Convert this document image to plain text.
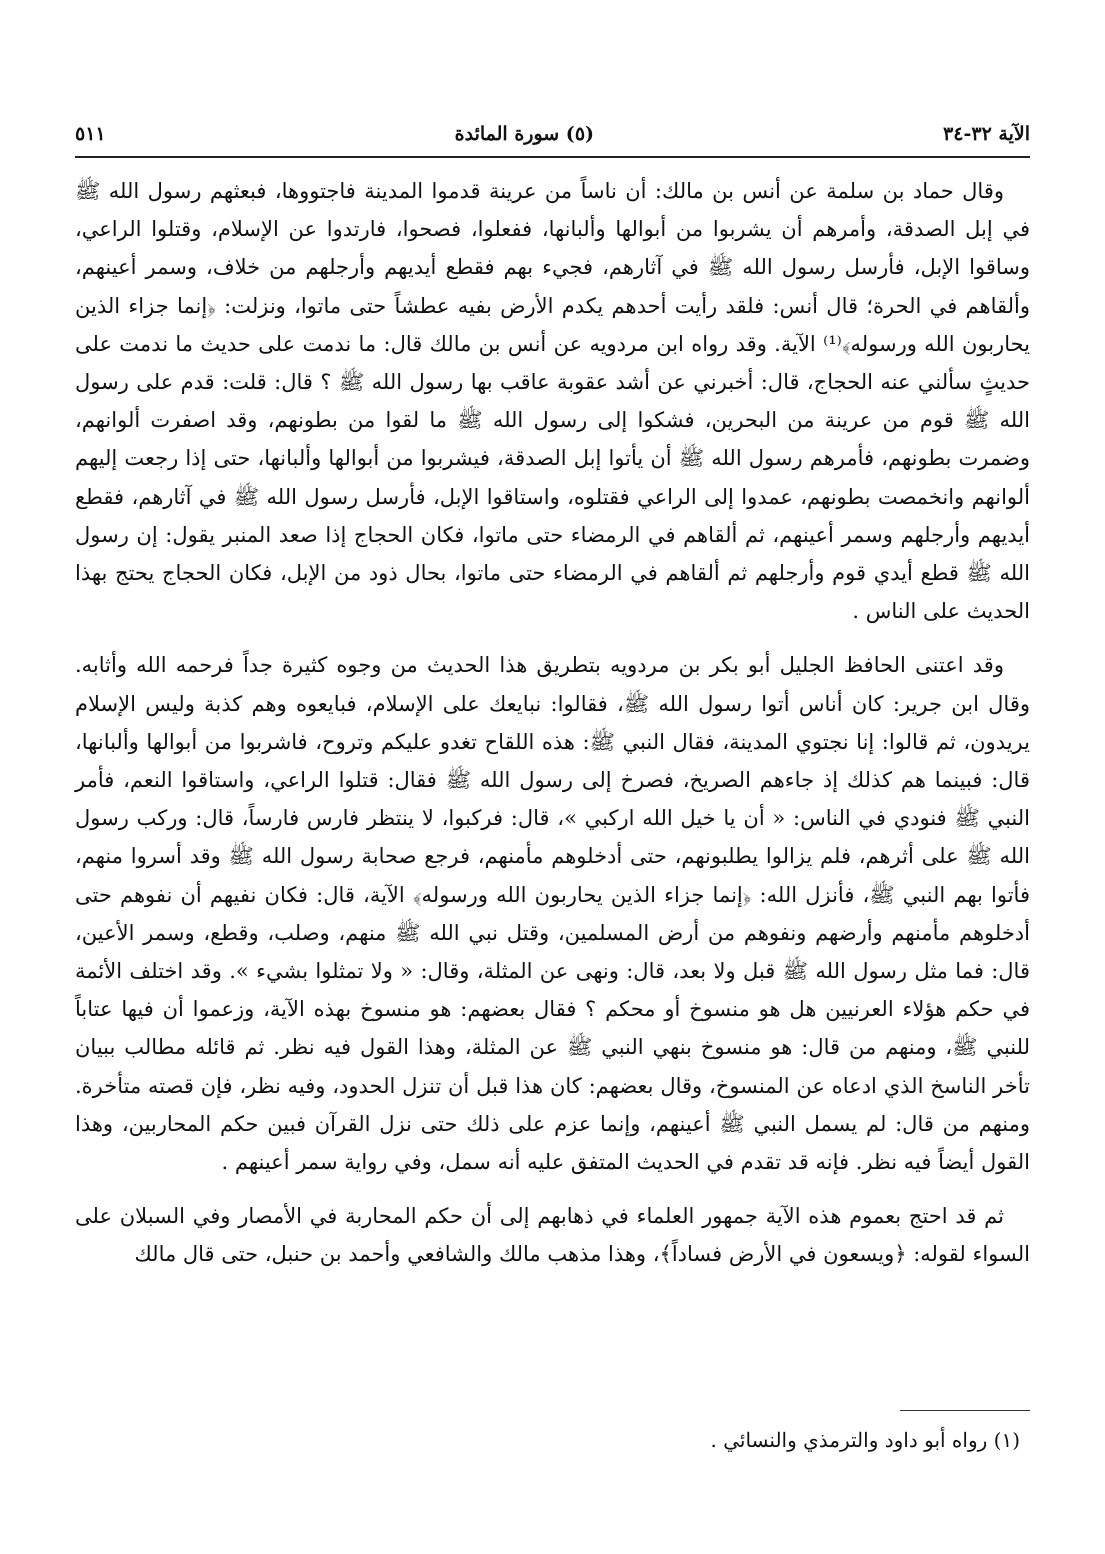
الآية ٣٢-٣٤
(٥) سورة المائدة
٥١١

وقال حماد بن سلمة عن أنس بن مالك: أن ناساً من عرينة قدموا المدينة فاجتووها، فبعثهم رسول الله ﷺ في إبل الصدقة، وأمرهم أن يشربوا من أبوالها وألبانها، ففعلوا، فصحوا، فارتدوا عن الإسلام، وقتلوا الراعي، وساقوا الإبل، فأرسل رسول الله ﷺ في آثارهم، فجيء بهم فقطع أيديهم وأرجلهم من خلاف، وسمر أعينهم، وألقاهم في الحرة؛ قال أنس: فلقد رأيت أحدهم يكدم الأرض بفيه عطشاً حتى ماتوا، ونزلت: ﴿إنما جزاء الذين يحاربون الله ورسوله﴾⁽¹⁾ الآية. وقد رواه ابن مردويه عن أنس بن مالك قال: ما ندمت على حديث ما ندمت على حديثٍ سألني عنه الحجاج، قال: أخبرني عن أشد عقوبة عاقب بها رسول الله ﷺ ؟ قال: قلت: قدم على رسول الله ﷺ قوم من عرينة من البحرين، فشكوا إلى رسول الله ﷺ ما لقوا من بطونهم، وقد اصفرت ألوانهم، وضمرت بطونهم، فأمرهم رسول الله ﷺ أن يأتوا إبل الصدقة، فيشربوا من أبوالها وألبانها، حتى إذا رجعت إليهم ألوانهم وانخمصت بطونهم، عمدوا إلى الراعي فقتلوه، واستاقوا الإبل، فأرسل رسول الله ﷺ في آثارهم، فقطع أيديهم وأرجلهم وسمر أعينهم، ثم ألقاهم في الرمضاء حتى ماتوا، فكان الحجاج إذا صعد المنبر يقول: إن رسول الله ﷺ قطع أيدي قوم وأرجلهم ثم ألقاهم في الرمضاء حتى ماتوا، بحال ذود من الإبل، فكان الحجاج يحتج بهذا الحديث على الناس .

وقد اعتنى الحافظ الجليل أبو بكر بن مردويه بتطريق هذا الحديث من وجوه كثيرة جداً فرحمه الله وأثابه. وقال ابن جرير: كان أناس أتوا رسول الله ﷺ، فقالوا: نبايعك على الإسلام، فبايعوه وهم كذبة وليس الإسلام يريدون، ثم قالوا: إنا نجتوي المدينة، فقال النبي ﷺ: هذه اللقاح تغدو عليكم وتروح، فاشربوا من أبوالها وألبانها، قال: فبينما هم كذلك إذ جاءهم الصريخ، فصرخ إلى رسول الله ﷺ فقال: قتلوا الراعي، واستاقوا النعم، فأمر النبي ﷺ فنودي في الناس: « أن يا خيل الله اركبي »، قال: فركبوا، لا ينتظر فارس فارساً، قال: وركب رسول الله ﷺ على أثرهم، فلم يزالوا يطلبونهم، حتى أدخلوهم مأمنهم، فرجع صحابة رسول الله ﷺ وقد أسروا منهم، فأتوا بهم النبي ﷺ، فأنزل الله: ﴿إنما جزاء الذين يحاربون الله ورسوله﴾ الآية، قال: فكان نفيهم أن نفوهم حتى أدخلوهم مأمنهم وأرضهم ونفوهم من أرض المسلمين، وقتل نبي الله ﷺ منهم، وصلب، وقطع، وسمر الأعين، قال: فما مثل رسول الله ﷺ قبل ولا بعد، قال: ونهى عن المثلة، وقال: « ولا تمثلوا بشيء ». وقد اختلف الأئمة في حكم هؤلاء العرنيين هل هو منسوخ أو محكم ؟ فقال بعضهم: هو منسوخ بهذه الآية، وزعموا أن فيها عتاباً للنبي ﷺ، ومنهم من قال: هو منسوخ بنهي النبي ﷺ عن المثلة، وهذا القول فيه نظر. ثم قائله مطالب ببيان تأخر الناسخ الذي ادعاه عن المنسوخ، وقال بعضهم: كان هذا قبل أن تنزل الحدود، وفيه نظر، فإن قصته متأخرة. ومنهم من قال: لم يسمل النبي ﷺ أعينهم، وإنما عزم على ذلك حتى نزل القرآن فبين حكم المحاربين، وهذا القول أيضاً فيه نظر. فإنه قد تقدم في الحديث المتفق عليه أنه سمل، وفي رواية سمر أعينهم .

ثم قد احتج بعموم هذه الآية جمهور العلماء في ذهابهم إلى أن حكم المحاربة في الأمصار وفي السبلان على السواء لقوله: ﴿ويسعون في الأرض فساداً﴾، وهذا مذهب مالك والشافعي وأحمد بن حنبل، حتى قال مالك

(١) رواه أبو داود والترمذي والنسائي .
